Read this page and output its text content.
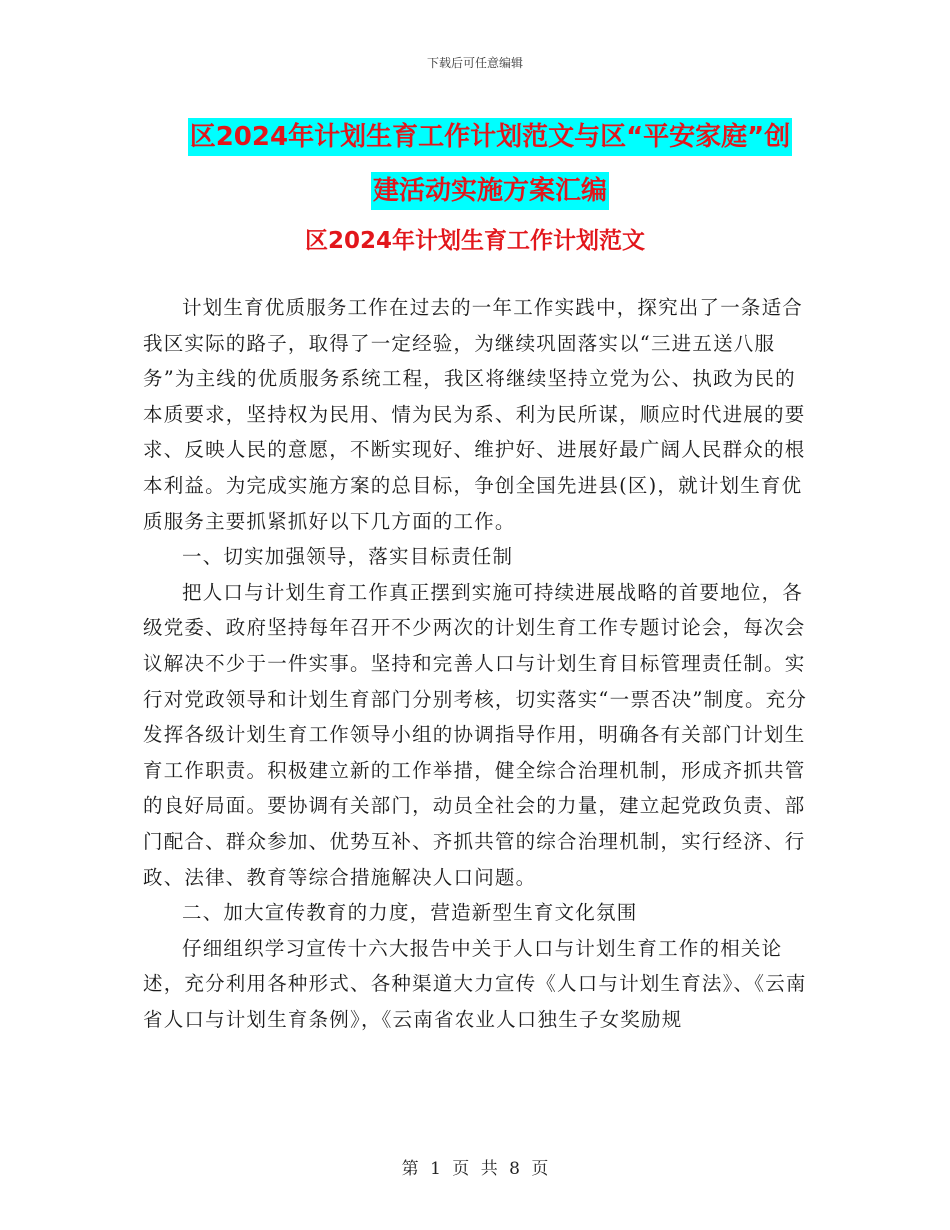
下载后可任意编辑
区2024年计划生育工作计划范文与区“平安家庭”创
建活动实施方案汇编
区2024年计划生育工作计划范文

计划生育优质服务工作在过去的一年工作实践中，探究出了一条适合我区实际的路子，取得了一定经验，为继续巩固落实以“三进五送八服务”为主线的优质服务系统工程，我区将继续坚持立党为公、执政为民的本质要求，坚持权为民用、情为民为系、利为民所谋，顺应时代进展的要求、反映人民的意愿，不断实现好、维护好、进展好最广阔人民群众的根本利益。为完成实施方案的总目标，争创全国先进县(区)，就计划生育优质服务主要抓紧抓好以下几方面的工作。

一、切实加强领导，落实目标责任制

把人口与计划生育工作真正摆到实施可持续进展战略的首要地位，各级党委、政府坚持每年召开不少两次的计划生育工作专题讨论会，每次会议解决不少于一件实事。坚持和完善人口与计划生育目标管理责任制。实行对党政领导和计划生育部门分别考核，切实落实“一票否决”制度。充分发挥各级计划生育工作领导小组的协调指导作用，明确各有关部门计划生育工作职责。积极建立新的工作举措，健全综合治理机制，形成齐抓共管的良好局面。要协调有关部门，动员全社会的力量，建立起党政负责、部门配合、群众参加、优势互补、齐抓共管的综合治理机制，实行经济、行政、法律、教育等综合措施解决人口问题。

二、加大宣传教育的力度，营造新型生育文化氛围

仔细组织学习宣传十六大报告中关于人口与计划生育工作的相关论述，充分利用各种形式、各种渠道大力宣传《人口与计划生育法》、《云南省人口与计划生育条例》，《云南省农业人口独生子女奖励规

第 1 页 共 8 页
